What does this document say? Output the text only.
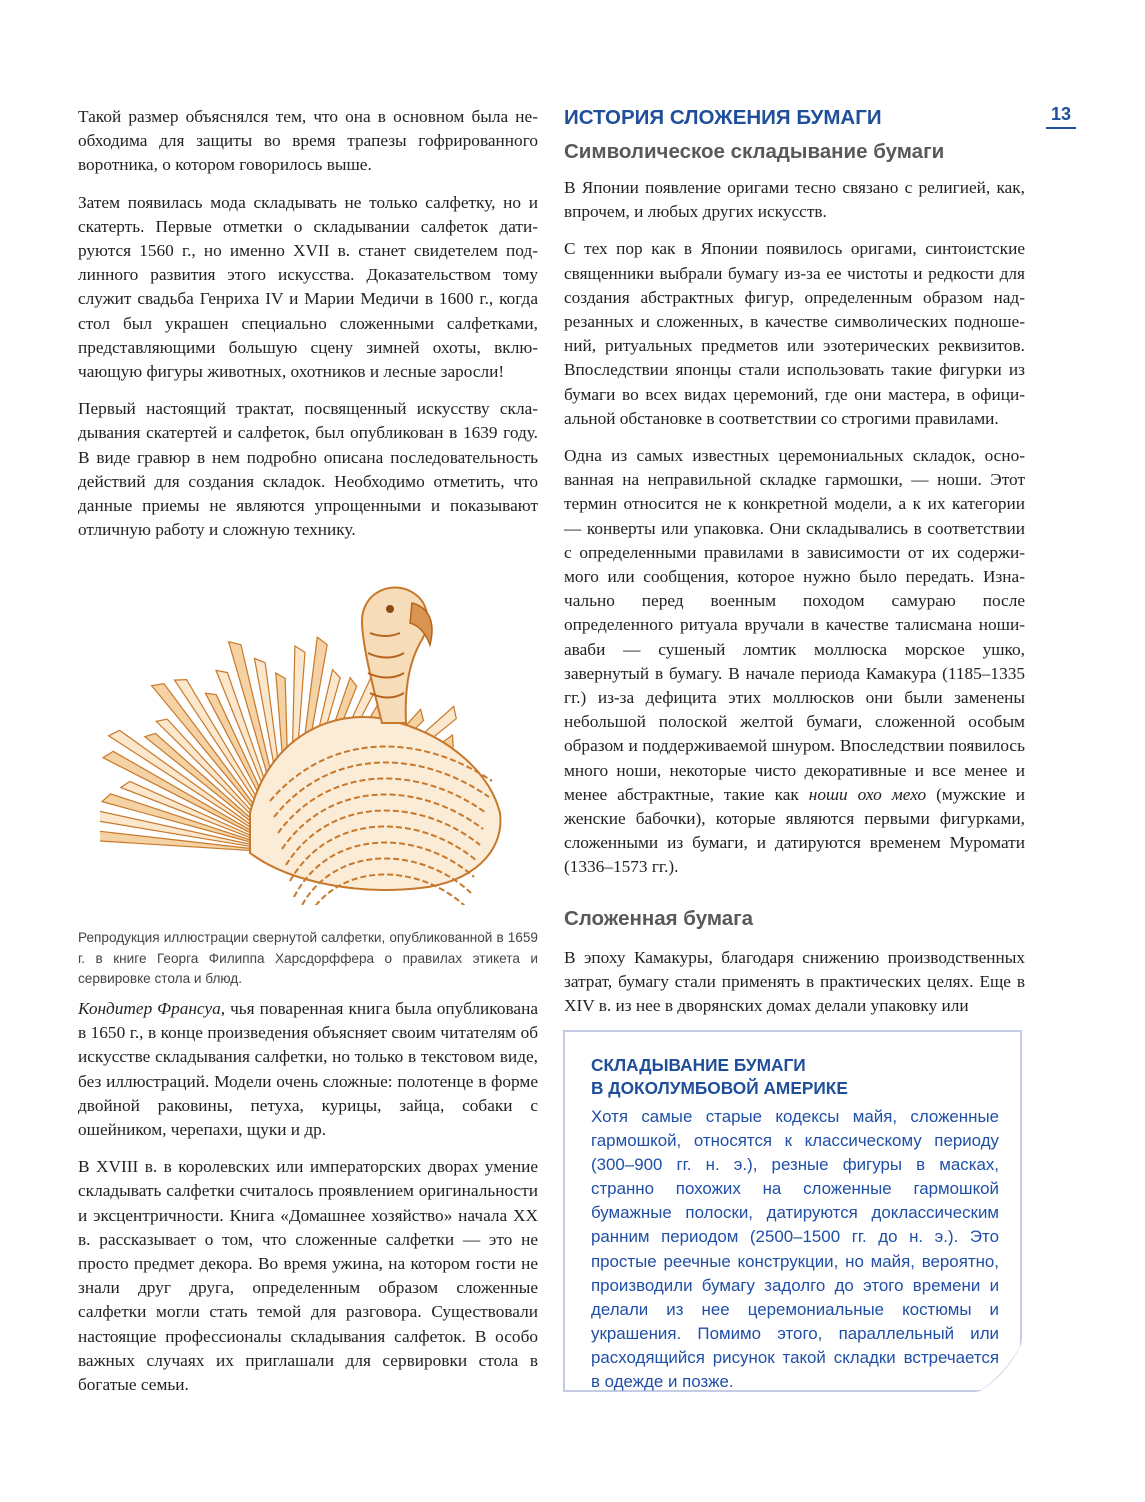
13

Такой размер объяснялся тем, что она в основном была необходима для защиты во время трапезы гофрированного воротника, о котором говорилось выше.

Затем появилась мода складывать не только салфетку, но и скатерть. Первые отметки о складывании салфеток датируются 1560 г., но именно XVII в. станет свидетелем подлинного развития этого искусства. Доказательством тому служит свадьба Генриха IV и Марии Медичи в 1600 г., когда стол был украшен специально сложенными салфетками, представляющими большую сцену зимней охоты, включающую фигуры животных, охотников и лесные заросли!

Первый настоящий трактат, посвященный искусству складывания скатертей и салфеток, был опубликован в 1639 году. В виде гравюр в нем подробно описана последовательность действий для создания складок. Необходимо отметить, что данные приемы не являются упрощенными и показывают отличную работу и сложную технику.

Репродукция иллюстрации свернутой салфетки, опубликованной в 1659 г. в книге Георга Филиппа Харсдорффера о правилах этикета и сервировке стола и блюд.

Кондитер Франсуа, чья поваренная книга была опубликована в 1650 г., в конце произведения объясняет своим читателям об искусстве складывания салфетки, но только в текстовом виде, без иллюстраций. Модели очень сложные: полотенце в форме двойной раковины, петуха, курицы, зайца, собаки с ошейником, черепахи, щуки и др.

В XVIII в. в королевских или императорских дворах умение складывать салфетки считалось проявлением оригинальности и эксцентричности. Книга «Домашнее хозяйство» начала XX в. рассказывает о том, что сложенные салфетки — это не просто предмет декора. Во время ужина, на котором гости не знали друг друга, определенным образом сложенные салфетки могли стать темой для разговора. Существовали настоящие профессионалы складывания салфеток. В особо важных случаях их приглашали для сервировки стола в богатые семьи.

ИСТОРИЯ СЛОЖЕНИЯ БУМАГИ
Символическое складывание бумаги

В Японии появление оригами тесно связано с религией, как, впрочем, и любых других искусств.

С тех пор как в Японии появилось оригами, синтоистские священники выбрали бумагу из-за ее чистоты и редкости для создания абстрактных фигур, определенным образом надрезанных и сложенных, в качестве символических подношений, ритуальных предметов или эзотерических реквизитов. Впоследствии японцы стали использовать такие фигурки из бумаги во всех видах церемоний, где они мастера, в официальной обстановке в соответствии со строгими правилами.

Одна из самых известных церемониальных складок, основанная на неправильной складке гармошки, — ноши. Этот термин относится не к конкретной модели, а к их категории — конверты или упаковка. Они складывались в соответствии с определенными правилами в зависимости от их содержимого или сообщения, которое нужно было передать. Изначально перед военным походом самураю после определенного ритуала вручали в качестве талисмана ноши-аваби — сушеный ломтик моллюска морское ушко, завернутый в бумагу. В начале периода Камакура (1185–1335 гг.) из-за дефицита этих моллюсков они были заменены небольшой полоской желтой бумаги, сложенной особым образом и поддерживаемой шнуром. Впоследствии появилось много ноши, некоторые чисто декоративные и все менее и менее абстрактные, такие как ноши охо мехо (мужские и женские бабочки), которые являются первыми фигурками, сложенными из бумаги, и датируются временем Муромати (1336–1573 гг.).

Сложенная бумага

В эпоху Камакуры, благодаря снижению производственных затрат, бумагу стали применять в практических целях. Еще в XIV в. из нее в дворянских домах делали упаковку или

СКЛАДЫВАНИЕ БУМАГИ
В ДОКОЛУМБОВОЙ АМЕРИКЕ

Хотя самые старые кодексы майя, сложенные гармошкой, относятся к классическому периоду (300–900 гг. н. э.), резные фигуры в масках, странно похожих на сложенные гармошкой бумажные полоски, датируются доклассическим ранним периодом (2500–1500 гг. до н. э.). Это простые реечные конструкции, но майя, вероятно, производили бумагу задолго до этого времени и делали из нее церемониальные костюмы и украшения. Помимо этого, параллельный или расходящийся рисунок такой складки встречается в одежде и позже.
